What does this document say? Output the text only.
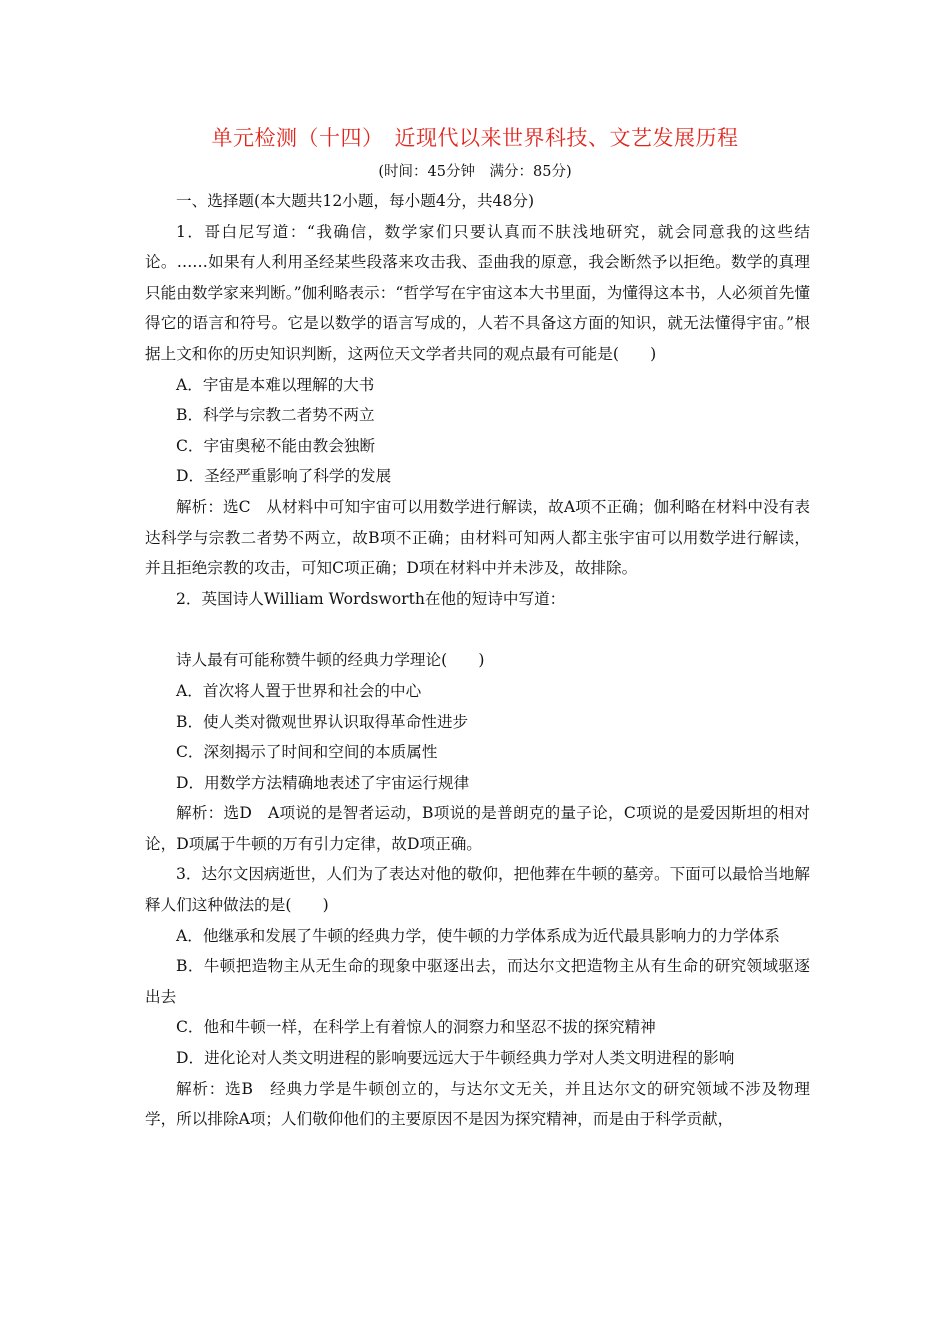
单元检测（十四）　近现代以来世界科技、文艺发展历程
(时间：45分钟　满分：85分)

一、选择题(本大题共12小题，每小题4分，共48分)

1．哥白尼写道：“我确信，数学家们只要认真而不肤浅地研究，就会同意我的这些结论。……如果有人利用圣经某些段落来攻击我、歪曲我的原意，我会断然予以拒绝。数学的真理只能由数学家来判断。”伽利略表示：“哲学写在宇宙这本大书里面，为懂得这本书，人必须首先懂得它的语言和符号。它是以数学的语言写成的，人若不具备这方面的知识，就无法懂得宇宙。”根据上文和你的历史知识判断，这两位天文学者共同的观点最有可能是(　　)

A．宇宙是本难以理解的大书

B．科学与宗教二者势不两立

C．宇宙奥秘不能由教会独断

D．圣经严重影响了科学的发展

解析：选C　从材料中可知宇宙可以用数学进行解读，故A项不正确；伽利略在材料中没有表达科学与宗教二者势不两立，故B项不正确；由材料可知两人都主张宇宙可以用数学进行解读，并且拒绝宗教的攻击，可知C项正确；D项在材料中并未涉及，故排除。

2．英国诗人William Wordsworth在他的短诗中写道：

诗人最有可能称赞牛顿的经典力学理论(　　)

A．首次将人置于世界和社会的中心

B．使人类对微观世界认识取得革命性进步

C．深刻揭示了时间和空间的本质属性

D．用数学方法精确地表述了宇宙运行规律

解析：选D　A项说的是智者运动，B项说的是普朗克的量子论，C项说的是爱因斯坦的相对论，D项属于牛顿的万有引力定律，故D项正确。

3．达尔文因病逝世，人们为了表达对他的敬仰，把他葬在牛顿的墓旁。下面可以最恰当地解释人们这种做法的是(　　)

A．他继承和发展了牛顿的经典力学，使牛顿的力学体系成为近代最具影响力的力学体系

B．牛顿把造物主从无生命的现象中驱逐出去，而达尔文把造物主从有生命的研究领域驱逐出去

C．他和牛顿一样，在科学上有着惊人的洞察力和坚忍不拔的探究精神

D．进化论对人类文明进程的影响要远远大于牛顿经典力学对人类文明进程的影响

解析：选B　经典力学是牛顿创立的，与达尔文无关，并且达尔文的研究领域不涉及物理学，所以排除A项；人们敬仰他们的主要原因不是因为探究精神，而是由于科学贡献，
